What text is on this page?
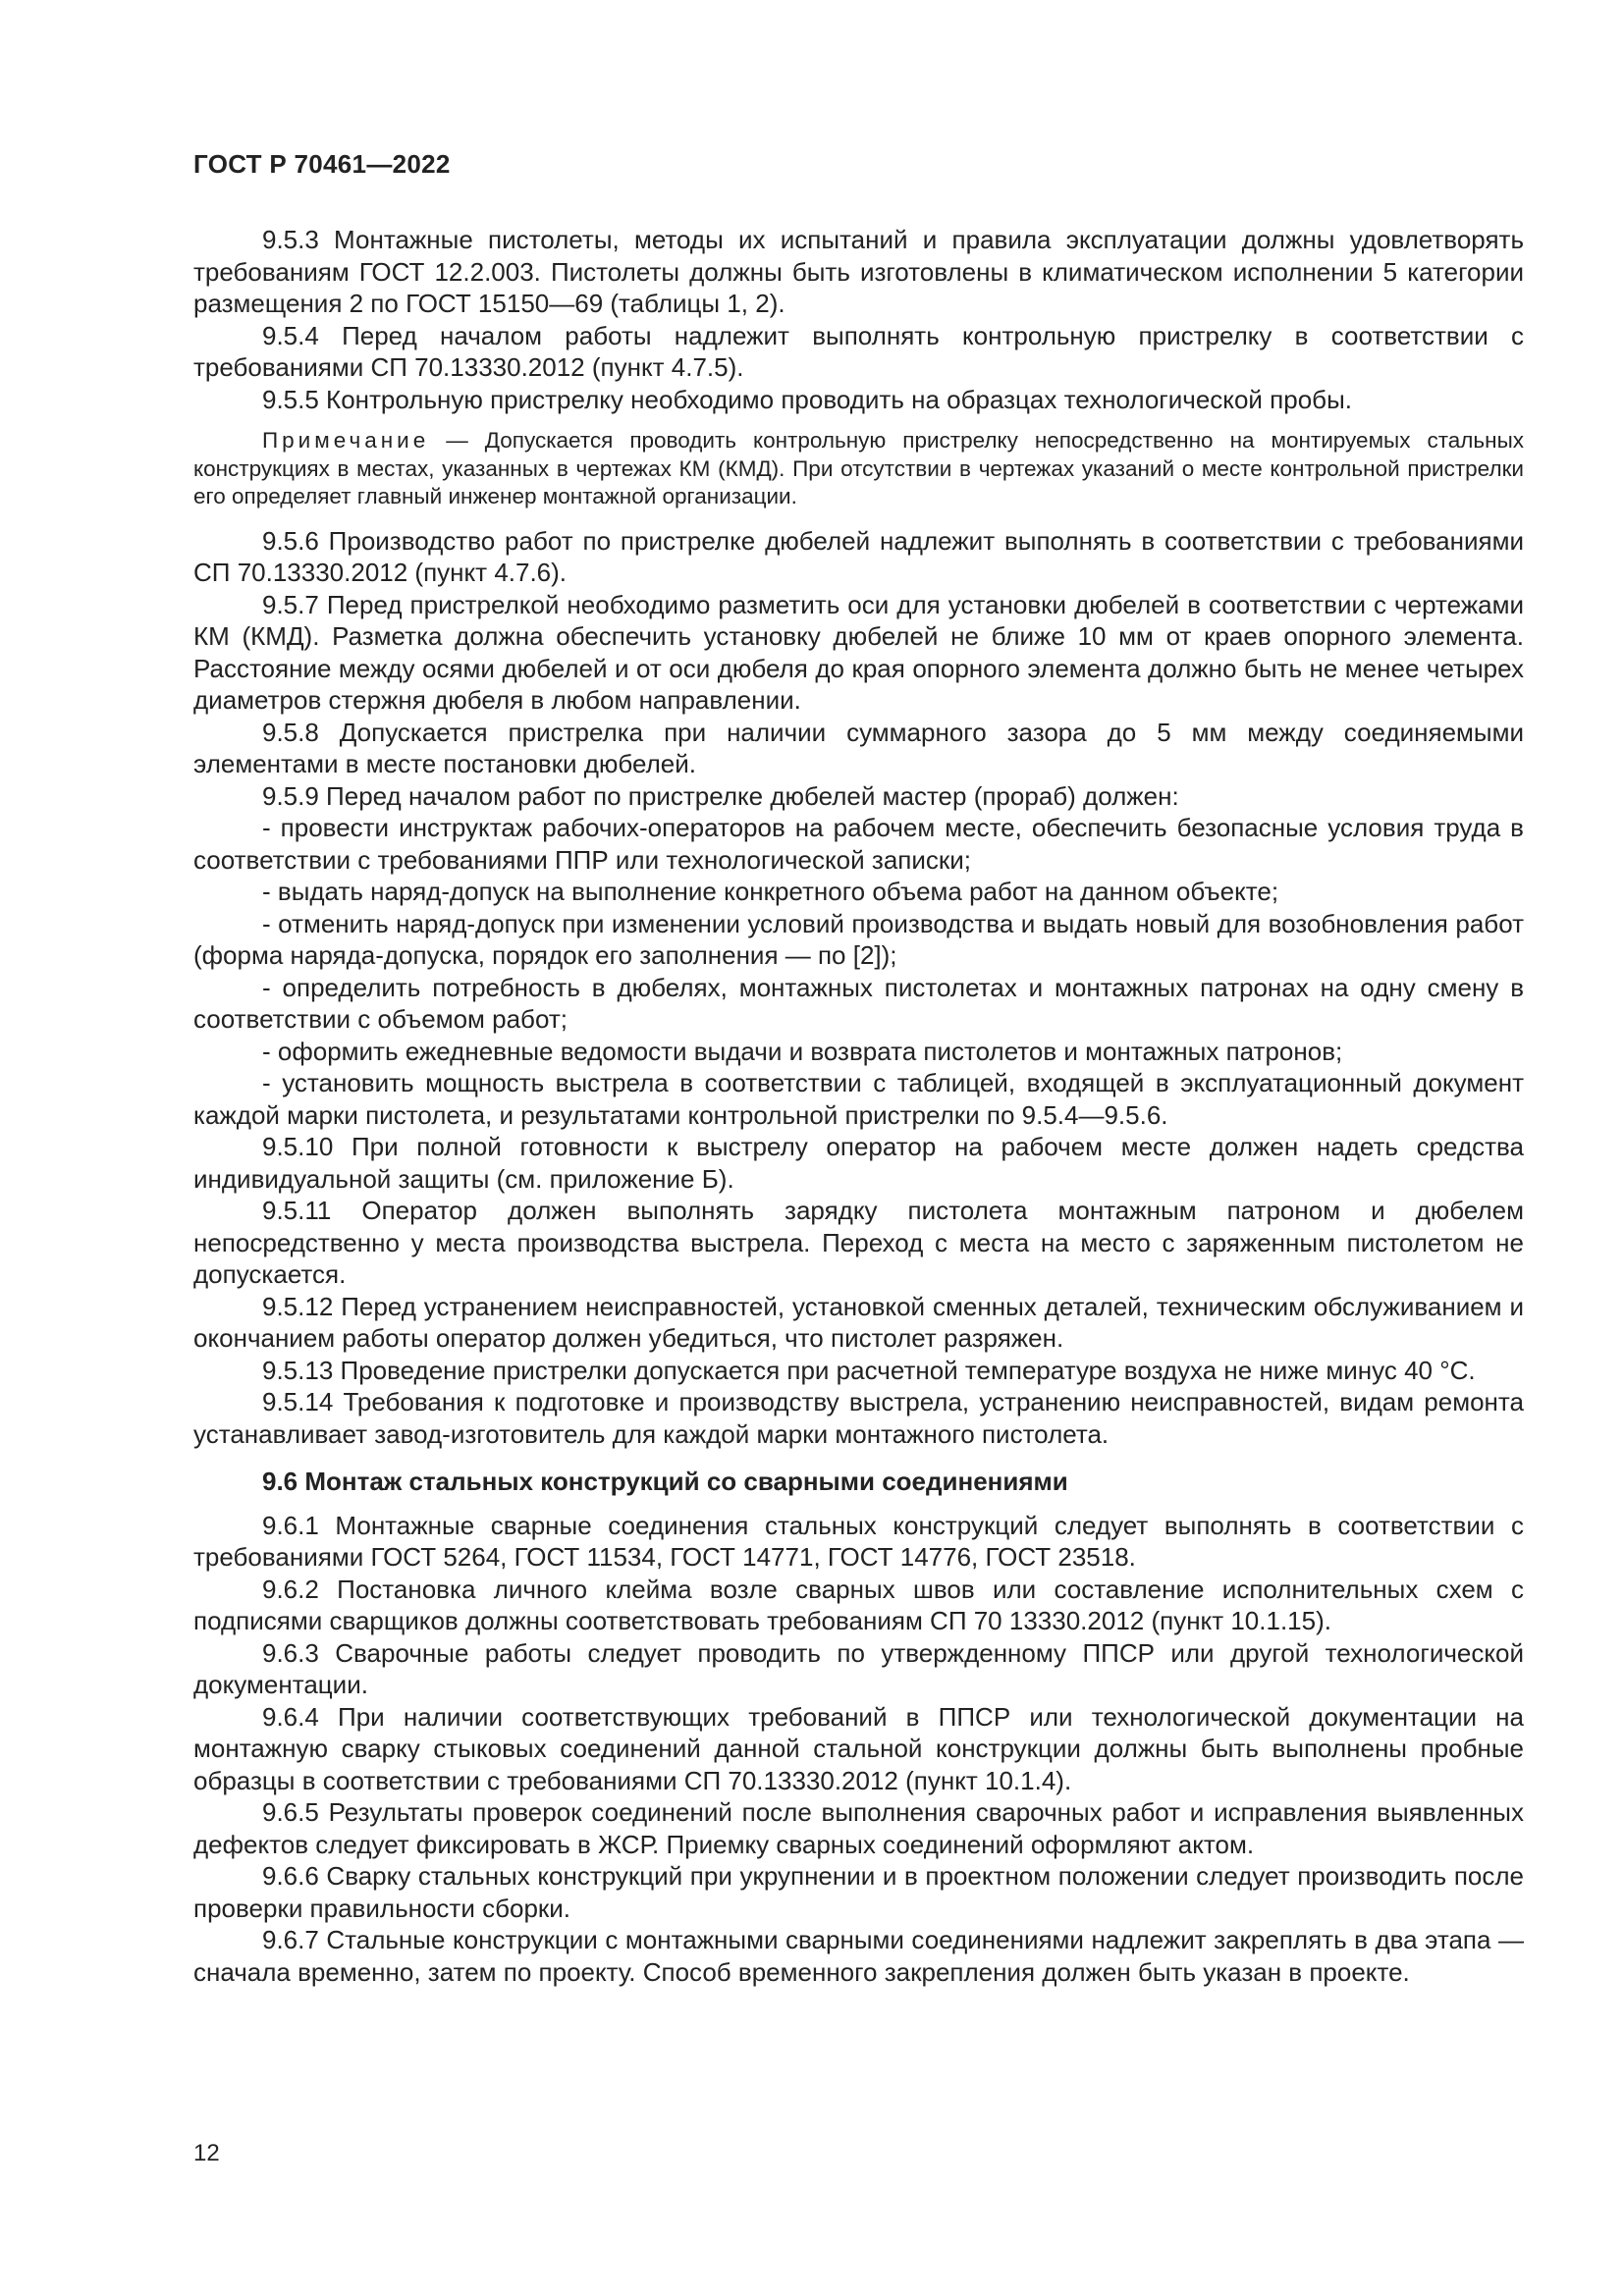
ГОСТ Р 70461—2022

9.5.3 Монтажные пистолеты, методы их испытаний и правила эксплуатации должны удовлетворять требованиям ГОСТ 12.2.003. Пистолеты должны быть изготовлены в климатическом исполнении 5 категории размещения 2 по ГОСТ 15150—69 (таблицы 1, 2).

9.5.4 Перед началом работы надлежит выполнять контрольную пристрелку в соответствии с требованиями СП 70.13330.2012 (пункт 4.7.5).

9.5.5 Контрольную пристрелку необходимо проводить на образцах технологической пробы.

Примечание — Допускается проводить контрольную пристрелку непосредственно на монтируемых стальных конструкциях в местах, указанных в чертежах КМ (КМД). При отсутствии в чертежах указаний о месте контрольной пристрелки его определяет главный инженер монтажной организации.

9.5.6 Производство работ по пристрелке дюбелей надлежит выполнять в соответствии с требованиями СП 70.13330.2012 (пункт 4.7.6).

9.5.7 Перед пристрелкой необходимо разметить оси для установки дюбелей в соответствии с чертежами КМ (КМД). Разметка должна обеспечить установку дюбелей не ближе 10 мм от краев опорного элемента. Расстояние между осями дюбелей и от оси дюбеля до края опорного элемента должно быть не менее четырех диаметров стержня дюбеля в любом направлении.

9.5.8 Допускается пристрелка при наличии суммарного зазора до 5 мм между соединяемыми элементами в месте постановки дюбелей.

9.5.9 Перед началом работ по пристрелке дюбелей мастер (прораб) должен:

- провести инструктаж рабочих-операторов на рабочем месте, обеспечить безопасные условия труда в соответствии с требованиями ППР или технологической записки;

- выдать наряд-допуск на выполнение конкретного объема работ на данном объекте;

- отменить наряд-допуск при изменении условий производства и выдать новый для возобновления работ (форма наряда-допуска, порядок его заполнения — по [2]);

- определить потребность в дюбелях, монтажных пистолетах и монтажных патронах на одну смену в соответствии с объемом работ;

- оформить ежедневные ведомости выдачи и возврата пистолетов и монтажных патронов;

- установить мощность выстрела в соответствии с таблицей, входящей в эксплуатационный документ каждой марки пистолета, и результатами контрольной пристрелки по 9.5.4—9.5.6.

9.5.10 При полной готовности к выстрелу оператор на рабочем месте должен надеть средства индивидуальной защиты (см. приложение Б).

9.5.11 Оператор должен выполнять зарядку пистолета монтажным патроном и дюбелем непосредственно у места производства выстрела. Переход с места на место с заряженным пистолетом не допускается.

9.5.12 Перед устранением неисправностей, установкой сменных деталей, техническим обслуживанием и окончанием работы оператор должен убедиться, что пистолет разряжен.

9.5.13 Проведение пристрелки допускается при расчетной температуре воздуха не ниже минус 40 °С.

9.5.14 Требования к подготовке и производству выстрела, устранению неисправностей, видам ремонта устанавливает завод-изготовитель для каждой марки монтажного пистолета.

9.6 Монтаж стальных конструкций со сварными соединениями

9.6.1 Монтажные сварные соединения стальных конструкций следует выполнять в соответствии с требованиями ГОСТ 5264, ГОСТ 11534, ГОСТ 14771, ГОСТ 14776, ГОСТ 23518.

9.6.2 Постановка личного клейма возле сварных швов или составление исполнительных схем с подписями сварщиков должны соответствовать требованиям СП 70 13330.2012 (пункт 10.1.15).

9.6.3 Сварочные работы следует проводить по утвержденному ППСР или другой технологической документации.

9.6.4 При наличии соответствующих требований в ППСР или технологической документации на монтажную сварку стыковых соединений данной стальной конструкции должны быть выполнены пробные образцы в соответствии с требованиями СП 70.13330.2012 (пункт 10.1.4).

9.6.5 Результаты проверок соединений после выполнения сварочных работ и исправления выявленных дефектов следует фиксировать в ЖСР. Приемку сварных соединений оформляют актом.

9.6.6 Сварку стальных конструкций при укрупнении и в проектном положении следует производить после проверки правильности сборки.

9.6.7 Стальные конструкции с монтажными сварными соединениями надлежит закреплять в два этапа — сначала временно, затем по проекту. Способ временного закрепления должен быть указан в проекте.

12
